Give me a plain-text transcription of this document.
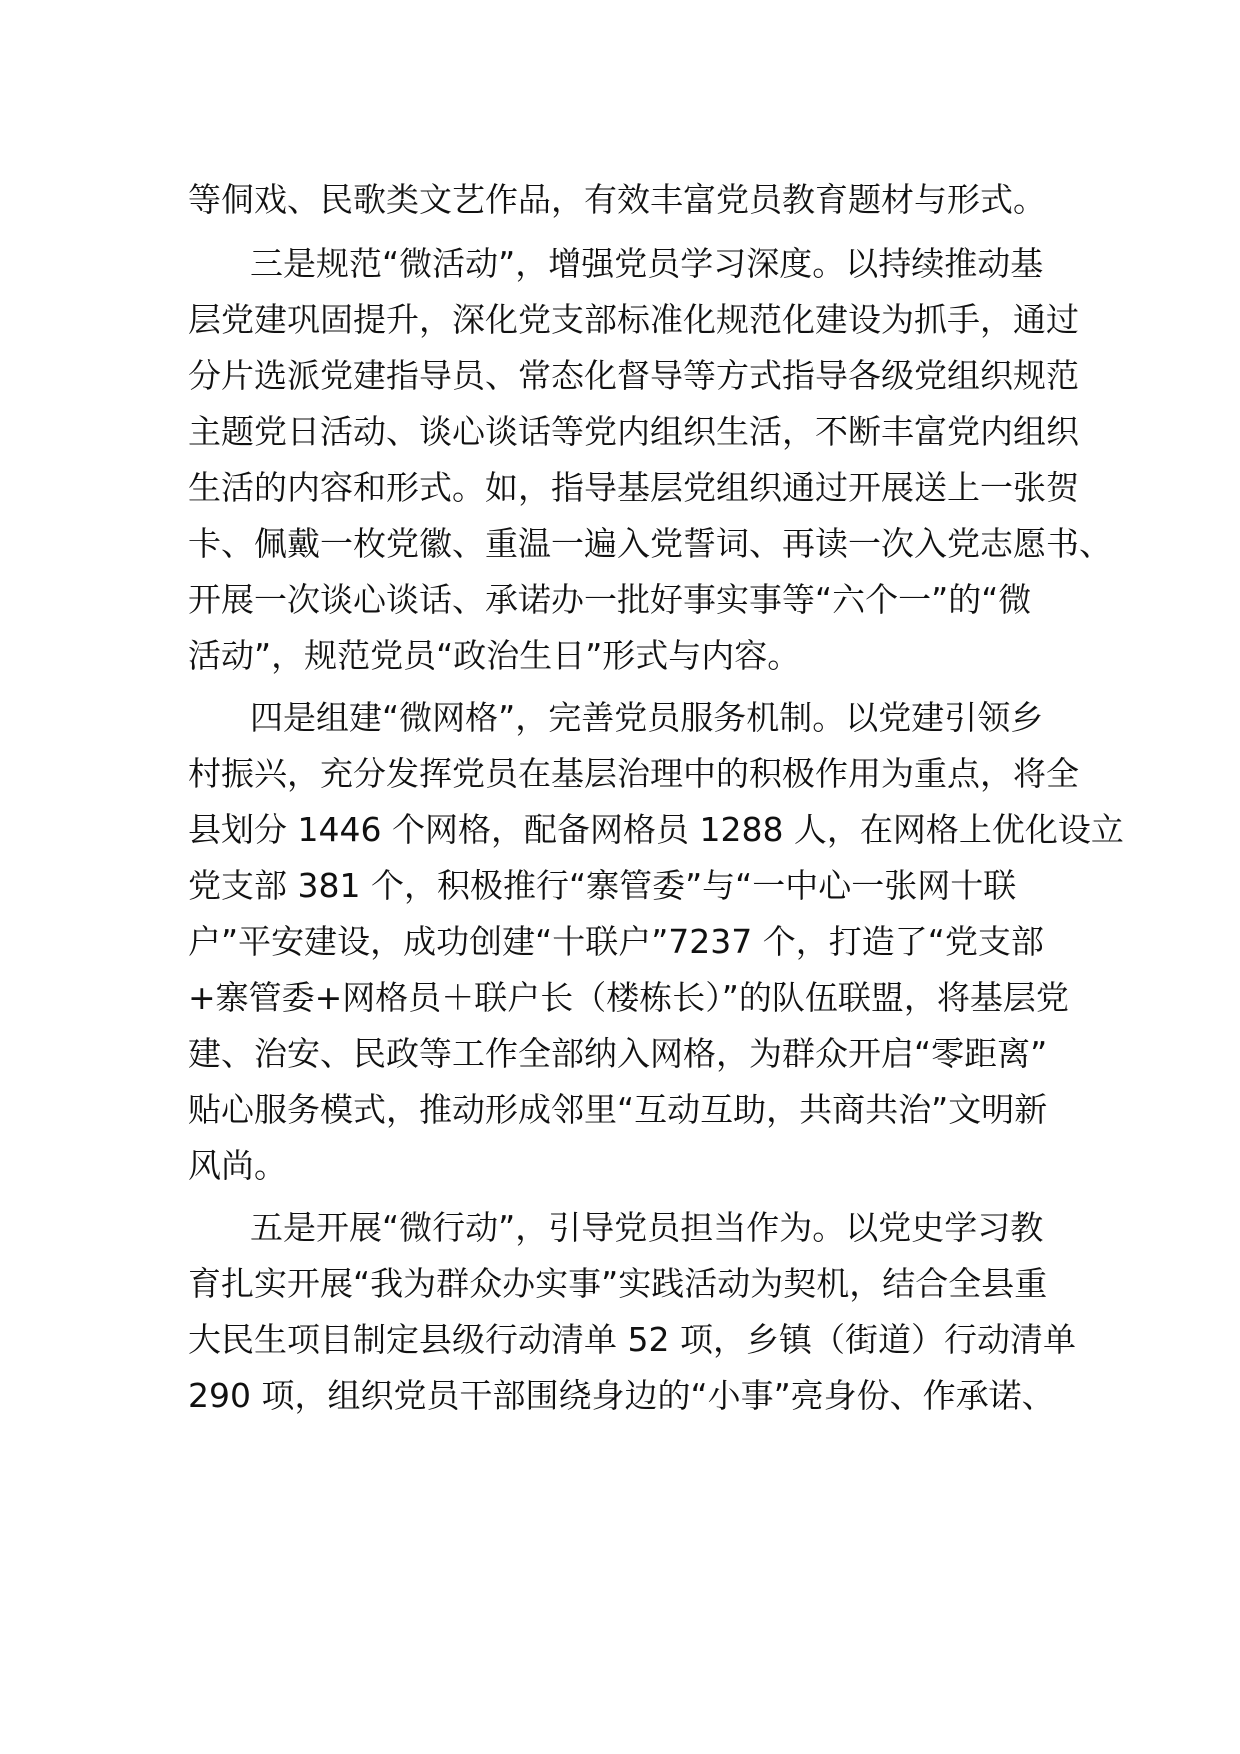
等侗戏、民歌类文艺作品，有效丰富党员教育题材与形式。
三是规范“微活动”，增强党员学习深度。以持续推动基
层党建巩固提升，深化党支部标准化规范化建设为抓手，通过
分片选派党建指导员、常态化督导等方式指导各级党组织规范
主题党日活动、谈心谈话等党内组织生活，不断丰富党内组织
生活的内容和形式。如，指导基层党组织通过开展送上一张贺
卡、佩戴一枚党徽、重温一遍入党誓词、再读一次入党志愿书、
开展一次谈心谈话、承诺办一批好事实事等“六个一”的“微
活动”，规范党员“政治生日”形式与内容。
四是组建“微网格”，完善党员服务机制。以党建引领乡
村振兴，充分发挥党员在基层治理中的积极作用为重点，将全
县划分 1446 个网格，配备网格员 1288 人，在网格上优化设立
党支部 381 个，积极推行“寨管委”与“一中心一张网十联
户”平安建设，成功创建“十联户”7237 个，打造了“党支部
+寨管委+网格员＋联户长（楼栋长）”的队伍联盟，将基层党
建、治安、民政等工作全部纳入网格，为群众开启“零距离”
贴心服务模式，推动形成邻里“互动互助，共商共治”文明新
风尚。
五是开展“微行动”，引导党员担当作为。以党史学习教
育扎实开展“我为群众办实事”实践活动为契机，结合全县重
大民生项目制定县级行动清单 52 项，乡镇（街道）行动清单
290 项，组织党员干部围绕身边的“小事”亮身份、作承诺、
